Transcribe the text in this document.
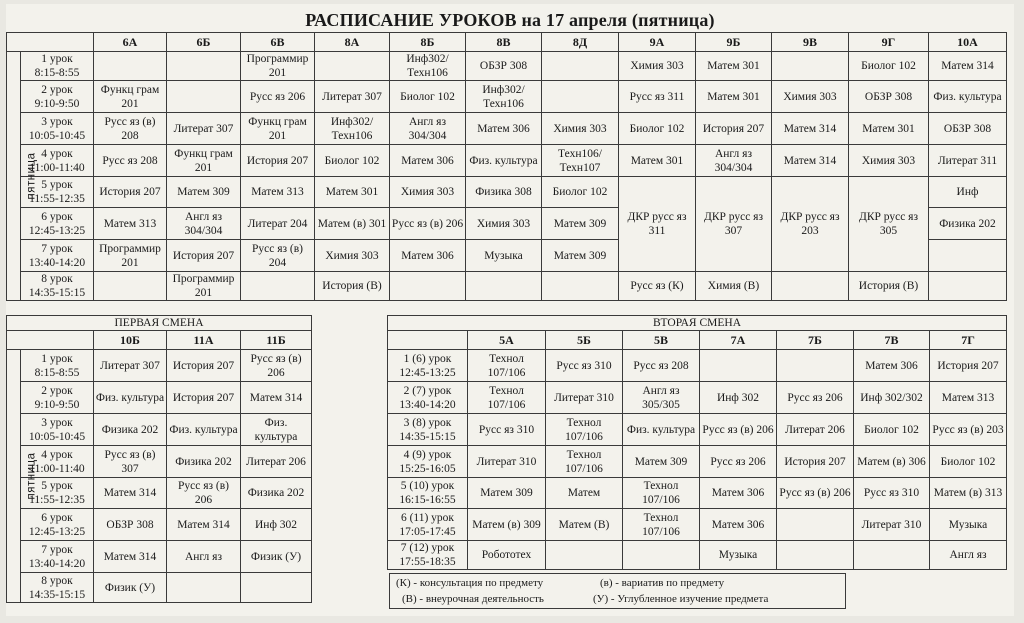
РАСПИСАНИЕ УРОКОВ на 17 апреля (пятница)
		6А	6Б	6В	8А	8Б	8В	8Д	9А	9Б	9В	9Г	10А
пятница	1 урок
8:15-8:55			Программир 201		Инф302/ Техн106	ОБЗР 308		Химия 303	Матем 301		Биолог 102	Матем 314

	2 урок
9:10-9:50	Функц грам 201		Русс яз 206	Литерат 307	Биолог 102	Инф302/ Техн106		Русс яз 311	Матем 301	Химия 303	ОБЗР 308	Физ. культура

	3 урок
10:05-10:45	Русс яз (в) 208	Литерат 307	Функц грам 201	Инф302/ Техн106	Англ яз 304/304	Матем 306	Химия 303	Биолог 102	История 207	Матем 314	Матем 301	ОБЗР 308

	4 урок
11:00-11:40	Русс яз 208	Функц грам 201	История 207	Биолог 102	Матем 306	Физ. культура	Техн106/ Техн107	Матем 301	Англ яз 304/304	Матем 314	Химия 303	Литерат 311

	5 урок
11:55-12:35	История 207	Матем 309	Матем 313	Матем 301	Химия 303	Физика 308	Биолог 102	ДКР русс яз 311	ДКР русс яз 307	ДКР русс яз 203	ДКР русс яз 305	Инф

	6 урок
12:45-13:25	Матем 313	Англ яз 304/304	Литерат 204	Матем (в) 301	Русс яз (в) 206	Химия 303	Матем 309					Физика 202

	7 урок
13:40-14:20	Программир 201	История 207	Русс яз (в) 204	Химия 303	Матем 306	Музыка	Матем 309					

	8 урок
14:35-15:15		Программир 201		История (В)				Русс яз (К)	Химия (В)		История (В)	
ПЕРВАЯ СМЕНА				
		10Б	11А	11Б
пятница	1 урок
8:15-8:55	Литерат 307	История 207	Русс яз (в) 206

	2 урок
9:10-9:50	Физ. культура	История 207	Матем 314

	3 урок
10:05-10:45	Физика 202	Физ. культура	Физ. культура

	4 урок
11:00-11:40	Русс яз (в) 307	Физика 202	Литерат 206

	5 урок
11:55-12:35	Матем 314	Русс яз (в) 206	Физика 202

	6 урок
12:45-13:25	ОБЗР 308	Матем 314	Инф 302

	7 урок
13:40-14:20	Матем 314	Англ яз	Физик (У)

	8 урок
14:35-15:15	Физик (У)		
ВТОРАЯ СМЕНА							
	5А	5Б	5В	7А	7Б	7В	7Г

1 (6) урок
12:45-13:25	Технол 107/106	Русс яз 310	Русс яз 208			Матем 306	История 207

2 (7) урок
13:40-14:20	Технол 107/106	Литерат 310	Англ яз 305/305	Инф 302	Русс яз 206	Инф 302/302	Матем 313

3 (8) урок
14:35-15:15	Русс яз 310	Технол 107/106	Физ. культура	Русс яз (в) 206	Литерат 206	Биолог 102	Русс яз (в) 203

4 (9) урок
15:25-16:05	Литерат 310	Технол 107/106	Матем 309	Русс яз 206	История 207	Матем (в) 306	Биолог 102

5 (10) урок
16:15-16:55	Матем 309	Матем	Технол 107/106	Матем 306	Русс яз (в) 206	Русс яз 310	Матем (в) 313

6 (11) урок
17:05-17:45	Матем (в) 309	Матем (В)	Технол 107/106	Матем 306		Литерат 310	Музыка

7 (12) урок
17:55-18:35	Робототех			Музыка			Англ яз
(К) - консультация по предмету	(в) - вариатив по предмету
(В) - внеурочная деятельность	(У) - Углубленное изучение предмета
